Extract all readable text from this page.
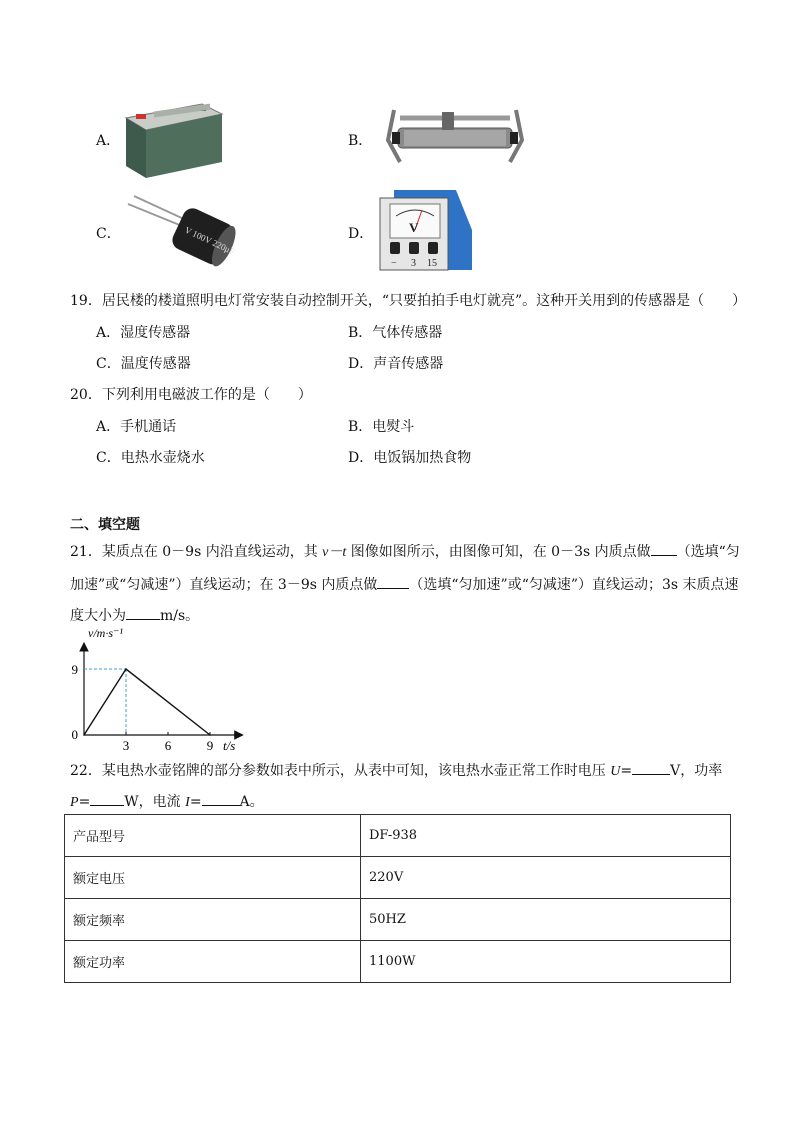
A．	B．
C．	V 100V 220μF	D．	V
− 3 15
19．居民楼的楼道照明电灯常安装自动控制开关，“只要拍拍手电灯就亮”。这种开关用到的传感器是（　　）
A．湿度传感器	B．气体传感器
C．温度传感器	D．声音传感器
20．下列利用电磁波工作的是（　　）
A．手机通话	B．电熨斗
C．电热水壶烧水	D．电饭锅加热食物
二、填空题
21．某质点在 0－9s 内沿直线运动，其 v－t 图像如图所示，由图像可知，在 0－3s 内质点做 （选填“匀
加速”或“匀减速”）直线运动；在 3－9s 内质点做 （选填“匀加速”或“匀减速”）直线运动；3s 末质点速
度大小为 m/s。
3	6	9
9
0
t/s
v/m·s⁻¹
22．某电热水壶铭牌的部分参数如表中所示，从表中可知，该电热水壶正常工作时电压 U=	V，功率
P= W，电流 I=	A。
产品型号	DF-938
额定电压	220V
额定频率	50HZ
额定功率	1100W
